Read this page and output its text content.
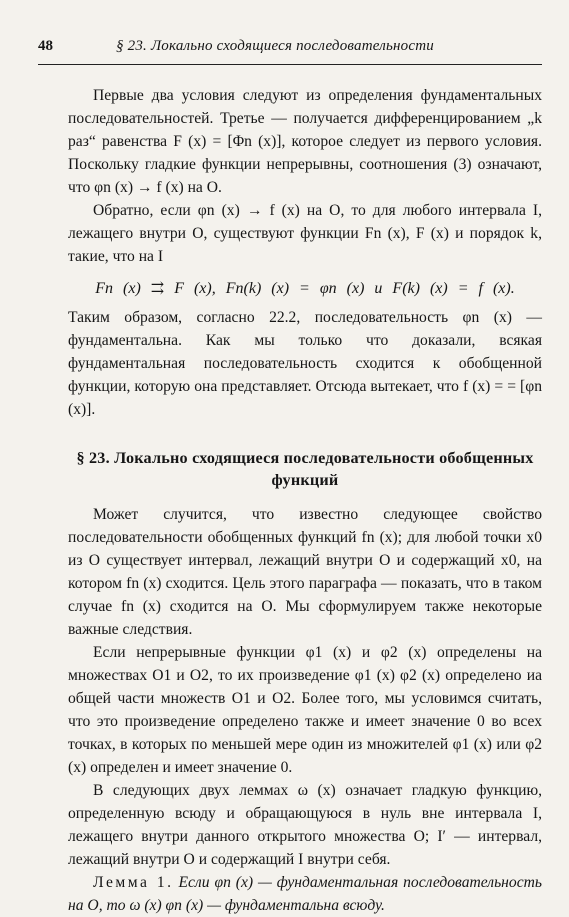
48	§ 23. Локально сходящиеся последовательности

Первые два условия следуют из определения фундаментальных последовательностей. Третье — получается дифференцированием „k раз“ равенства F (x) = [Φn (x)], которое следует из первого условия. Поскольку гладкие функции непрерывны, соотношения (3) означают, что φn (x) → f (x) на O.

Обратно, если φn (x) → f (x) на O, то для любого интервала I, лежащего внутри O, существуют функции Fn (x), F (x) и порядок k, такие, что на I

Fn (x) ⇉ F (x), Fn(k) (x) = φn (x) и F(k) (x) = f (x).

Таким образом, согласно 22.2, последовательность φn (x) — фундаментальна. Как мы только что доказали, всякая фундаментальная последовательность сходится к обобщенной функции, которую она представляет. Отсюда вытекает, что f (x) = = [φn (x)].

§ 23. Локально сходящиеся последовательности обобщенных функций

Может случится, что известно следующее свойство последовательности обобщенных функций fn (x); для любой точки x0 из O существует интервал, лежащий внутри O и содержащий x0, на котором fn (x) сходится. Цель этого параграфа — показать, что в таком случае fn (x) сходится на O. Мы сформулируем также некоторые важные следствия.

Если непрерывные функции φ1 (x) и φ2 (x) определены на множествах O1 и O2, то их произведение φ1 (x) φ2 (x) определено иа общей части множеств O1 и O2. Более того, мы условимся считать, что это произведение определено также и имеет значение 0 во всех точках, в которых по меньшей мере один из множителей φ1 (x) или φ2 (x) определен и имеет значение 0.

В следующих двух леммах ω (x) означает гладкую функцию, определенную всюду и обращающуюся в нуль вне интервала I, лежащего внутри данного открытого множества O; I′ — интервал, лежащий внутри O и содержащий I внутри себя.

Лемма 1. Если φn (x) — фундаментальная последовательность на O, то ω (x) φn (x) — фундаментальна всюду.
